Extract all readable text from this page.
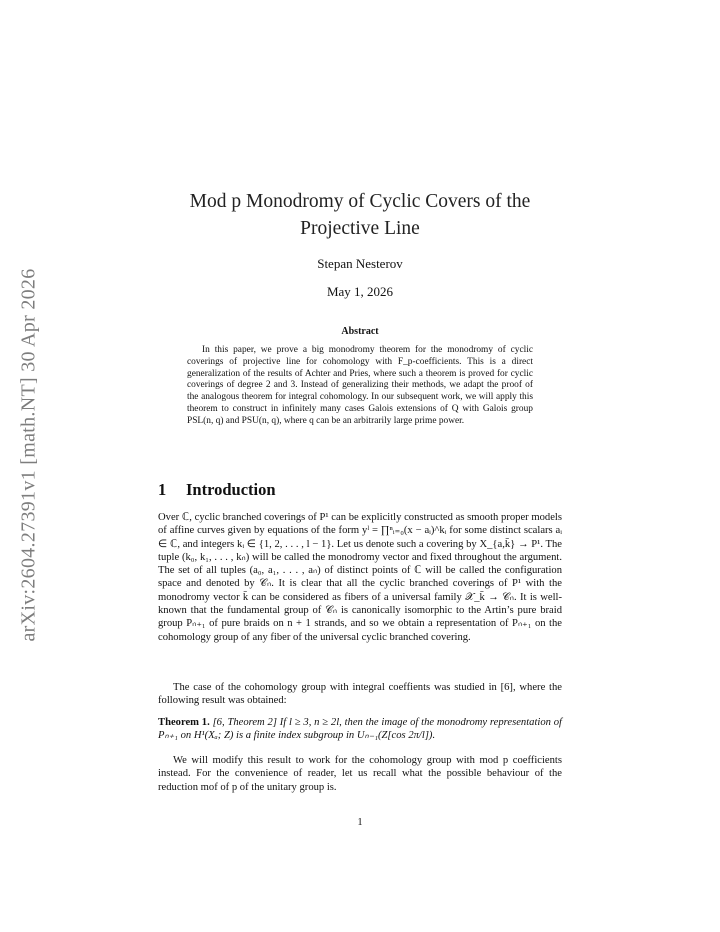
arXiv:2604.27391v1 [math.NT] 30 Apr 2026
Mod p Monodromy of Cyclic Covers of the Projective Line
Stepan Nesterov
May 1, 2026
Abstract

In this paper, we prove a big monodromy theorem for the monodromy of cyclic coverings of projective line for cohomology with F_p-coefficients. This is a direct generalization of the results of Achter and Pries, where such a theorem is proved for cyclic coverings of degree 2 and 3. Instead of generalizing their methods, we adapt the proof of the analogous theorem for integral cohomology. In our subsequent work, we will apply this theorem to construct in infinitely many cases Galois extensions of Q with Galois group PSL(n, q) and PSU(n, q), where q can be an arbitrarily large prime power.

1 Introduction

Over ℂ, cyclic branched coverings of P¹ can be explicitly constructed as smooth proper models of affine curves given by equations of the form yˡ = ∏ⁿᵢ₌₀(x − aᵢ)^kᵢ for some distinct scalars aᵢ ∈ ℂ, and integers kᵢ ∈ {1, 2, . . . , l − 1}. Let us denote such a covering by X_{a,k̄} → P¹. The tuple (k₀, k₁, . . . , kₙ) will be called the monodromy vector and fixed throughout the argument. The set of all tuples (a₀, a₁, . . . , aₙ) of distinct points of ℂ will be called the configuration space and denoted by 𝒞ₙ. It is clear that all the cyclic branched coverings of P¹ with the monodromy vector k̄ can be considered as fibers of a universal family 𝒳_k̄ → 𝒞ₙ. It is well-known that the fundamental group of 𝒞ₙ is canonically isomorphic to the Artin’s pure braid group Pₙ₊₁ of pure braids on n + 1 strands, and so we obtain a representation of Pₙ₊₁ on the cohomology group of any fiber of the universal cyclic branched covering.

The case of the cohomology group with integral coeffients was studied in [6], where the following result was obtained:

Theorem 1. [6, Theorem 2] If l ≥ 3, n ≥ 2l, then the image of the monodromy representation of Pₙ₊₁ on H¹(Xₐ; Z) is a finite index subgroup in Uₙ₋₁(Z[cos 2π/l]).

We will modify this result to work for the cohomology group with mod p coefficients instead. For the convenience of reader, let us recall what the possible behaviour of the reduction mof of p of the unitary group is.

1
